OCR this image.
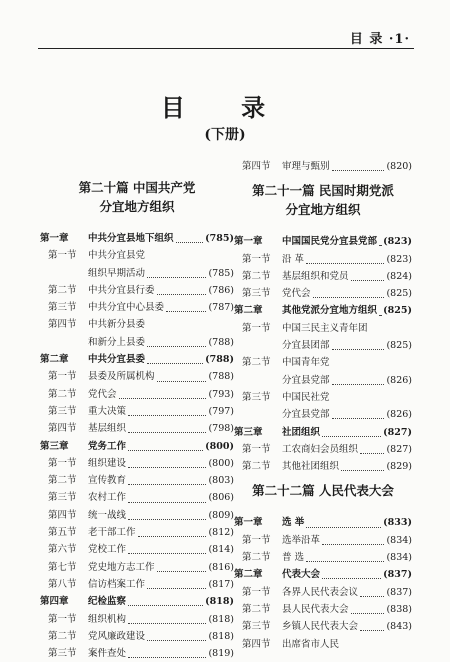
目 录 ·1·
目 录
(下册)

第二十篇 中国共产党

分宜地方组织

第一章	中共分宜县地下组织	(785)
第一节	中共分宜县党
组织早期活动	(785)
第二节	中共分宜县行委	(786)
第三节	中共分宜中心县委	(787)
第四节	中共新分县委
和新分上县委	(788)
第二章	中共分宜县委	(788)
第一节	县委及所属机构	(788)
第二节	党代会	(793)
第三节	重大决策	(797)
第四节	基层组织	(798)
第三章	党务工作	(800)
第一节	组织建设	(800)
第二节	宣传教育	(803)
第三节	农村工作	(806)
第四节	统一战线	(809)
第五节	老干部工作	(812)
第六节	党校工作	(814)
第七节	党史地方志工作	(816)
第八节	信访档案工作	(817)
第四章	纪检监察	(818)
第一节	组织机构	(818)
第二节	党风廉政建设	(818)
第三节	案件查处	(819)
第四节	审理与甄别	(820)

第二十一篇 民国时期党派

分宜地方组织

第一章	中国国民党分宜县党部 (823)
第一节	沿 革	(823)
第二节	基层组织和党员	(824)
第三节	党代会	(825)
第二章	其他党派分宜地方组织 (825)
第一节	中国三民主义青年团
分宜县团部	(825)
第二节	中国青年党
分宜县党部	(826)
第三节	中国民社党
分宜县党部	(826)
第三章	社团组织	(827)
第一节	工农商妇会员组织	(827)
第二节	其他社团组织	(829)

第二十二篇 人民代表大会

第一章	选 举	(833)
第一节	选举沿革	(834)
第二节	普 选	(834)
第二章	代表大会	(837)
第一节	各界人民代表会议	(837)
第二节	县人民代表大会	(838)
第三节	乡镇人民代表大会	(843)
第四节	出席省市人民
